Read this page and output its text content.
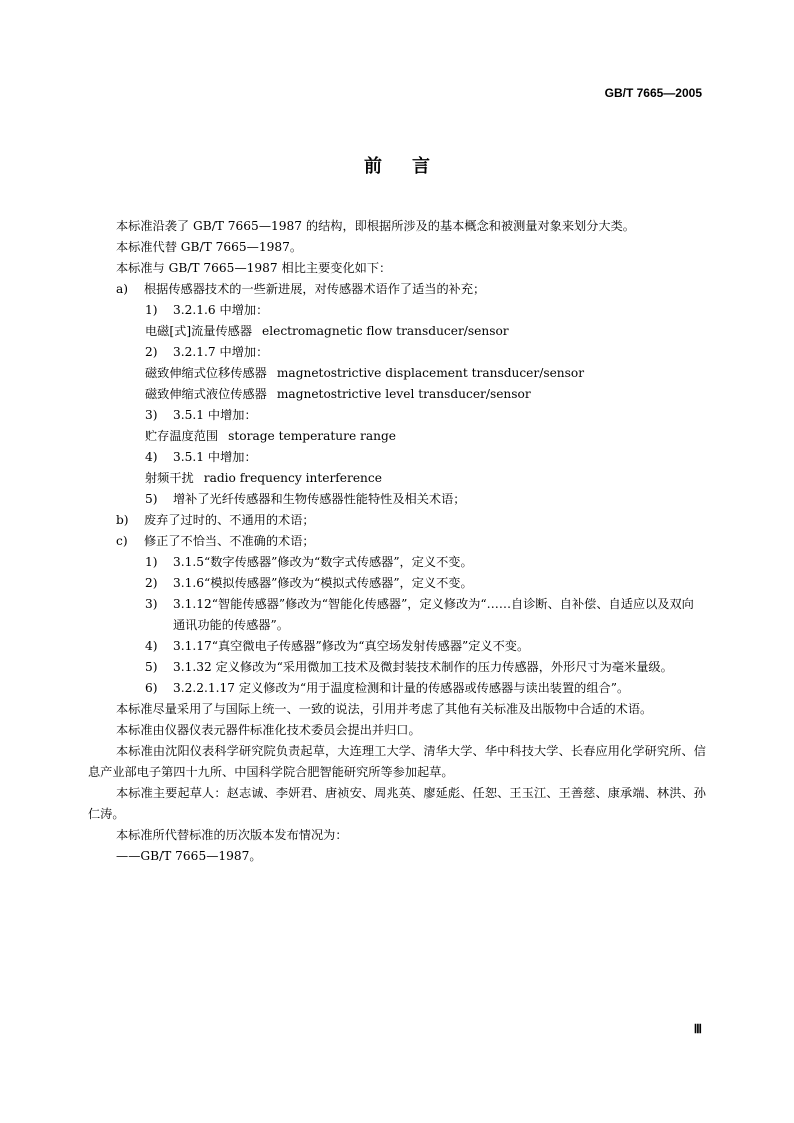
GB/T 7665—2005
前言
本标准沿袭了 GB/T 7665—1987 的结构，即根据所涉及的基本概念和被测量对象来划分大类。
本标准代替 GB/T 7665—1987。
本标准与 GB/T 7665—1987 相比主要变化如下：
a) 根据传感器技术的一些新进展，对传感器术语作了适当的补充；
1) 3.2.1.6 中增加：
电磁[式]流量传感器 electromagnetic flow transducer/sensor
2) 3.2.1.7 中增加：
磁致伸缩式位移传感器 magnetostrictive displacement transducer/sensor
磁致伸缩式液位传感器 magnetostrictive level transducer/sensor
3) 3.5.1 中增加：
贮存温度范围 storage temperature range
4) 3.5.1 中增加：
射频干扰 radio frequency interference
5) 增补了光纤传感器和生物传感器性能特性及相关术语；
b) 废弃了过时的、不通用的术语；
c) 修正了不恰当、不准确的术语；
1) 3.1.5“数字传感器”修改为“数字式传感器”，定义不变。
2) 3.1.6“模拟传感器”修改为“模拟式传感器”，定义不变。
3) 3.1.12“智能传感器”修改为“智能化传感器”，定义修改为“……自诊断、自补偿、自适应以及双向通讯功能的传感器”。
4) 3.1.17“真空微电子传感器”修改为“真空场发射传感器”定义不变。
5) 3.1.32 定义修改为“采用微加工技术及微封装技术制作的压力传感器，外形尺寸为毫米量级。
6) 3.2.2.1.17 定义修改为“用于温度检测和计量的传感器或传感器与读出装置的组合”。
本标准尽量采用了与国际上统一、一致的说法，引用并考虑了其他有关标准及出版物中合适的术语。
本标准由仪器仪表元器件标准化技术委员会提出并归口。
本标准由沈阳仪表科学研究院负责起草，大连理工大学、清华大学、华中科技大学、长春应用化学研究所、信息产业部电子第四十九所、中国科学院合肥智能研究所等参加起草。
本标准主要起草人：赵志诚、李妍君、唐祯安、周兆英、廖延彪、任恕、王玉江、王善慈、康承端、林洪、孙仁涛。
本标准所代替标准的历次版本发布情况为：
——GB/T 7665—1987。
Ⅲ
